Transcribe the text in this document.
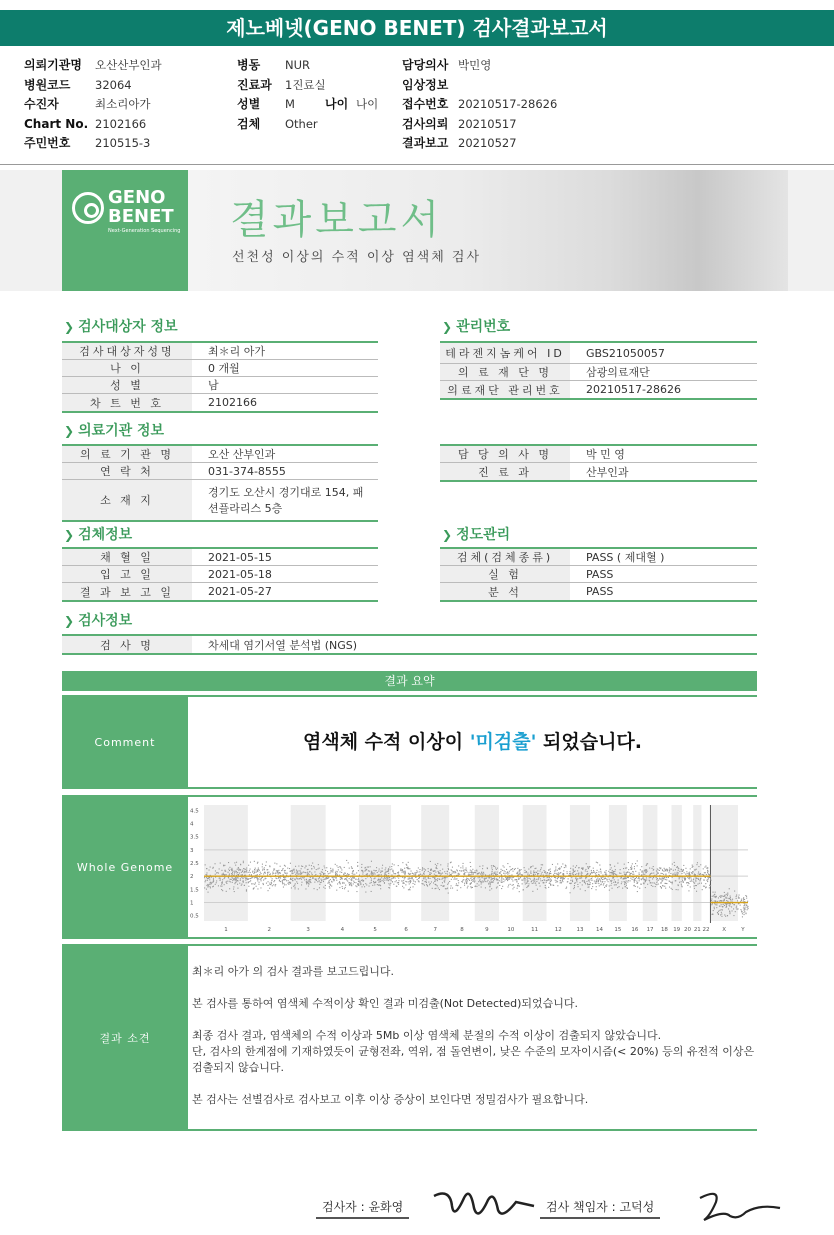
제노베넷(GENO BENET) 검사결과보고서
의뢰기관명 오산산부인과
병원코드 32064
수진자	최소리아가
Chart No. 2102166
주민번호 210515-3
병동 NUR
진료과 1진료실
성별 M
검체 Other
나이 나이
담당의사 박민영
임상정보
접수번호 20210517-28626
검사의뢰 20210517
결과보고 20210527
GENO
BENET
Next-Generation Sequencing 결과보고서
선천성 이상의 수적 이상 염색체 검사
❯ 검사대상자 정보	❯ 관리번호
❯ 의료기관 정보
❯ 검체정보	❯ 정도관리
❯ 검사정보
검사대상자성명	최＊리 아가
나 이	0 개월
성 별	남
차 트 번 호	2102166
테라젠지놈케어 ID	GBS21050057
의 료 재 단 명	삼광의료재단
의료재단 관리번호	20210517-28626
의 료 기 관 명	오산 산부인과
연 락 처	031-374-8555
소 재 지
경기도 오산시 경기대로 154, 패션플라리스 5층
담 당 의 사 명	박 민 영
진 료 과	산부인과
채 혈 일	2021-05-15
입 고 일	2021-05-18
결 과 보 고 일	2021-05-27
검체(검체종류)	PASS ( 제대혈 )
실 험	PASS
분 석	PASS
검 사 명	차세대 염기서열 분석법 (NGS)
결과 요약
Comment	염색체 수적 이상이 '미검출' 되었습니다.
Whole Genome
4.5
4
3.5
3
2.5
2
1.5
1
0.5
1	2	3	4	5	6	7	8	9	10	11	12	13 14 15 16 17 18 19 20 21 22 X	Y
결과 소견

최＊리 아가 의 검사 결과를 보고드립니다.

본 검사를 통하여 염색체 수적이상 확인 결과 미검출(Not Detected)되었습니다.

최종 검사 결과, 염색체의 수적 이상과 5Mb 이상 염색체 분절의 수적 이상이 검출되지 않았습니다.
단, 검사의 한계점에 기재하였듯이 균형전좌, 역위, 점 돌연변이, 낮은 수준의 모자이시즘(< 20%) 등의 유전적 이상은 검출되지 않습니다.

본 검사는 선별검사로 검사보고 이후 이상 증상이 보인다면 정밀검사가 필요합니다.

검사자 : 윤화영	검사 책임자 : 고덕성
